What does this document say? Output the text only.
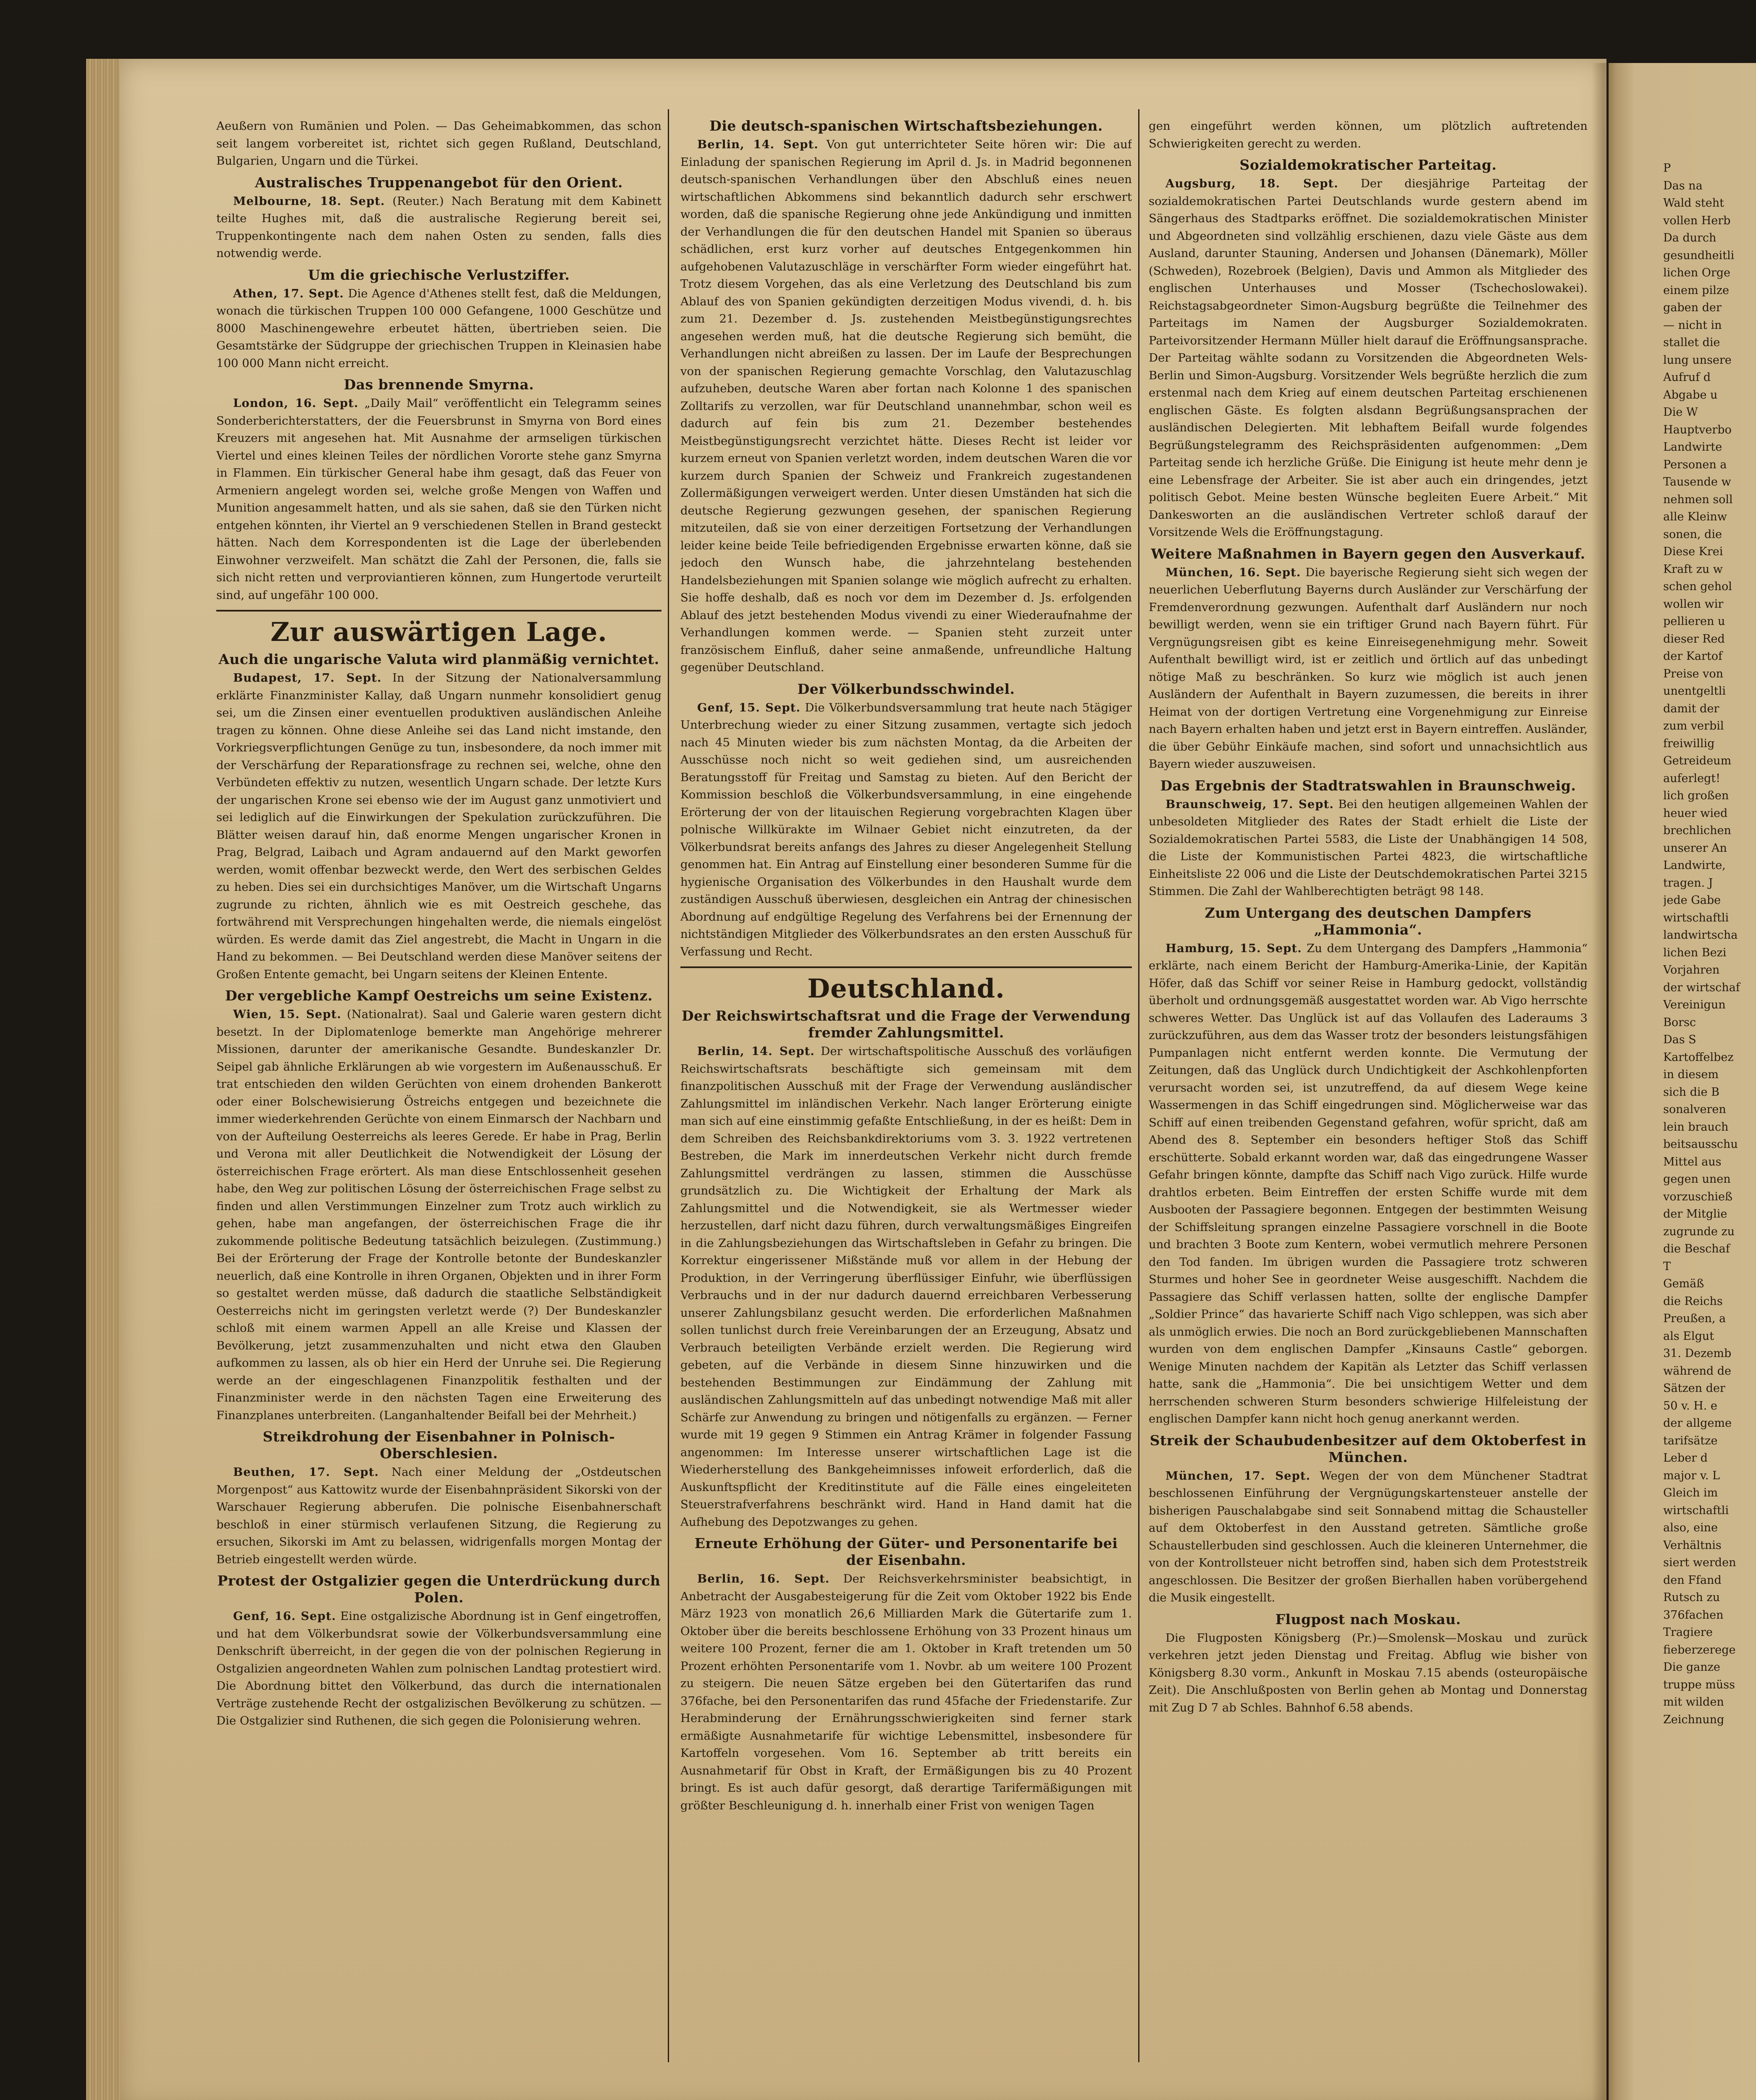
Aeußern von Rumänien und Polen. — Das Geheimabkommen, das schon seit langem vorbereitet ist, richtet sich gegen Rußland, Deutschland, Bulgarien, Ungarn und die Türkei.

Australisches Truppenangebot für den Orient.

Melbourne, 18. Sept. (Reuter.) Nach Beratung mit dem Kabinett teilte Hughes mit, daß die australische Regierung bereit sei, Truppenkontingente nach dem nahen Osten zu senden, falls dies notwendig werde.

Um die griechische Verlustziffer.

Athen, 17. Sept. Die Agence d'Athenes stellt fest, daß die Meldungen, wonach die türkischen Truppen 100 000 Gefangene, 1000 Geschütze und 8000 Maschinengewehre erbeutet hätten, übertrieben seien. Die Gesamtstärke der Südgruppe der griechischen Truppen in Kleinasien habe 100 000 Mann nicht erreicht.

Das brennende Smyrna.

London, 16. Sept. „Daily Mail“ veröffentlicht ein Telegramm seines Sonderberichterstatters, der die Feuersbrunst in Smyrna von Bord eines Kreuzers mit angesehen hat. Mit Ausnahme der armseligen türkischen Viertel und eines kleinen Teiles der nördlichen Vororte stehe ganz Smyrna in Flammen. Ein türkischer General habe ihm gesagt, daß das Feuer von Armeniern angelegt worden sei, welche große Mengen von Waffen und Munition angesammelt hatten, und als sie sahen, daß sie den Türken nicht entgehen könnten, ihr Viertel an 9 verschiedenen Stellen in Brand gesteckt hätten. Nach dem Korrespondenten ist die Lage der überlebenden Einwohner verzweifelt. Man schätzt die Zahl der Personen, die, falls sie sich nicht retten und verproviantieren können, zum Hungertode verurteilt sind, auf ungefähr 100 000.

Zur auswärtigen Lage.
Auch die ungarische Valuta wird planmäßig vernichtet.

Budapest, 17. Sept. In der Sitzung der Nationalversammlung erklärte Finanzminister Kallay, daß Ungarn nunmehr konsolidiert genug sei, um die Zinsen einer eventuellen produktiven ausländischen Anleihe tragen zu können. Ohne diese Anleihe sei das Land nicht imstande, den Vorkriegsverpflichtungen Genüge zu tun, insbesondere, da noch immer mit der Verschärfung der Reparationsfrage zu rechnen sei, welche, ohne den Verbündeten effektiv zu nutzen, wesentlich Ungarn schade. Der letzte Kurs der ungarischen Krone sei ebenso wie der im August ganz unmotiviert und sei lediglich auf die Einwirkungen der Spekulation zurückzuführen. Die Blätter weisen darauf hin, daß enorme Mengen ungarischer Kronen in Prag, Belgrad, Laibach und Agram andauernd auf den Markt geworfen werden, womit offenbar bezweckt werde, den Wert des serbischen Geldes zu heben. Dies sei ein durchsichtiges Manöver, um die Wirtschaft Ungarns zugrunde zu richten, ähnlich wie es mit Oestreich geschehe, das fortwährend mit Versprechungen hingehalten werde, die niemals eingelöst würden. Es werde damit das Ziel angestrebt, die Macht in Ungarn in die Hand zu bekommen. — Bei Deutschland werden diese Manöver seitens der Großen Entente gemacht, bei Ungarn seitens der Kleinen Entente.

Der vergebliche Kampf Oestreichs um seine Existenz.

Wien, 15. Sept. (Nationalrat). Saal und Galerie waren gestern dicht besetzt. In der Diplomatenloge bemerkte man Angehörige mehrerer Missionen, darunter der amerikanische Gesandte. Bundeskanzler Dr. Seipel gab ähnliche Erklärungen ab wie vorgestern im Außenausschuß. Er trat entschieden den wilden Gerüchten von einem drohenden Bankerott oder einer Bolschewisierung Östreichs entgegen und bezeichnete die immer wiederkehrenden Gerüchte von einem Einmarsch der Nachbarn und von der Aufteilung Oesterreichs als leeres Gerede. Er habe in Prag, Berlin und Verona mit aller Deutlichkeit die Notwendigkeit der Lösung der österreichischen Frage erörtert. Als man diese Entschlossenheit gesehen habe, den Weg zur politischen Lösung der österreichischen Frage selbst zu finden und allen Verstimmungen Einzelner zum Trotz auch wirklich zu gehen, habe man angefangen, der österreichischen Frage die ihr zukommende politische Bedeutung tatsächlich beizulegen. (Zustimmung.) Bei der Erörterung der Frage der Kontrolle betonte der Bundeskanzler neuerlich, daß eine Kontrolle in ihren Organen, Objekten und in ihrer Form so gestaltet werden müsse, daß dadurch die staatliche Selbständigkeit Oesterreichs nicht im geringsten verletzt werde (?) Der Bundeskanzler schloß mit einem warmen Appell an alle Kreise und Klassen der Bevölkerung, jetzt zusammenzuhalten und nicht etwa den Glauben aufkommen zu lassen, als ob hier ein Herd der Unruhe sei. Die Regierung werde an der eingeschlagenen Finanzpolitik festhalten und der Finanzminister werde in den nächsten Tagen eine Erweiterung des Finanzplanes unterbreiten. (Langanhaltender Beifall bei der Mehrheit.)

Streikdrohung der Eisenbahner in Polnisch-Oberschlesien.

Beuthen, 17. Sept. Nach einer Meldung der „Ostdeutschen Morgenpost“ aus Kattowitz wurde der Eisenbahnpräsident Sikorski von der Warschauer Regierung abberufen. Die polnische Eisenbahnerschaft beschloß in einer stürmisch verlaufenen Sitzung, die Regierung zu ersuchen, Sikorski im Amt zu belassen, widrigenfalls morgen Montag der Betrieb eingestellt werden würde.

Protest der Ostgalizier gegen die Unterdrückung durch Polen.

Genf, 16. Sept. Eine ostgalizische Abordnung ist in Genf eingetroffen, und hat dem Völkerbundsrat sowie der Völkerbundsversammlung eine Denkschrift überreicht, in der gegen die von der polnischen Regierung in Ostgalizien angeordneten Wahlen zum polnischen Landtag protestiert wird. Die Abordnung bittet den Völkerbund, das durch die internationalen Verträge zustehende Recht der ostgalizischen Bevölkerung zu schützen. — Die Ostgalizier sind Ruthenen, die sich gegen die Polonisierung wehren.

Die deutsch-spanischen Wirtschaftsbeziehungen.

Berlin, 14. Sept. Von gut unterrichteter Seite hören wir: Die auf Einladung der spanischen Regierung im April d. Js. in Madrid begonnenen deutsch-spanischen Verhandlungen über den Abschluß eines neuen wirtschaftlichen Abkommens sind bekanntlich dadurch sehr erschwert worden, daß die spanische Regierung ohne jede Ankündigung und inmitten der Verhandlungen die für den deutschen Handel mit Spanien so überaus schädlichen, erst kurz vorher auf deutsches Entgegenkommen hin aufgehobenen Valutazuschläge in verschärfter Form wieder eingeführt hat. Trotz diesem Vorgehen, das als eine Verletzung des Deutschland bis zum Ablauf des von Spanien gekündigten derzeitigen Modus vivendi, d. h. bis zum 21. Dezember d. Js. zustehenden Meistbegünstigungsrechtes angesehen werden muß, hat die deutsche Regierung sich bemüht, die Verhandlungen nicht abreißen zu lassen. Der im Laufe der Besprechungen von der spanischen Regierung gemachte Vorschlag, den Valutazuschlag aufzuheben, deutsche Waren aber fortan nach Kolonne 1 des spanischen Zolltarifs zu verzollen, war für Deutschland unannehmbar, schon weil es dadurch auf fein bis zum 21. Dezember bestehendes Meistbegünstigungsrecht verzichtet hätte. Dieses Recht ist leider vor kurzem erneut von Spanien verletzt worden, indem deutschen Waren die vor kurzem durch Spanien der Schweiz und Frankreich zugestandenen Zollermäßigungen verweigert werden. Unter diesen Umständen hat sich die deutsche Regierung gezwungen gesehen, der spanischen Regierung mitzuteilen, daß sie von einer derzeitigen Fortsetzung der Verhandlungen leider keine beide Teile befriedigenden Ergebnisse erwarten könne, daß sie jedoch den Wunsch habe, die jahrzehntelang bestehenden Handelsbeziehungen mit Spanien solange wie möglich aufrecht zu erhalten. Sie hoffe deshalb, daß es noch vor dem im Dezember d. Js. erfolgenden Ablauf des jetzt bestehenden Modus vivendi zu einer Wiederaufnahme der Verhandlungen kommen werde. — Spanien steht zurzeit unter französischem Einfluß, daher seine anmaßende, unfreundliche Haltung gegenüber Deutschland.

Der Völkerbundsschwindel.

Genf, 15. Sept. Die Völkerbundsversammlung trat heute nach 5tägiger Unterbrechung wieder zu einer Sitzung zusammen, vertagte sich jedoch nach 45 Minuten wieder bis zum nächsten Montag, da die Arbeiten der Ausschüsse noch nicht so weit gediehen sind, um ausreichenden Beratungsstoff für Freitag und Samstag zu bieten. Auf den Bericht der Kommission beschloß die Völkerbundsversammlung, in eine eingehende Erörterung der von der litauischen Regierung vorgebrachten Klagen über polnische Willkürakte im Wilnaer Gebiet nicht einzutreten, da der Völkerbundsrat bereits anfangs des Jahres zu dieser Angelegenheit Stellung genommen hat. Ein Antrag auf Einstellung einer besonderen Summe für die hygienische Organisation des Völkerbundes in den Haushalt wurde dem zuständigen Ausschuß überwiesen, desgleichen ein Antrag der chinesischen Abordnung auf endgültige Regelung des Verfahrens bei der Ernennung der nichtständigen Mitglieder des Völkerbundsrates an den ersten Ausschuß für Verfassung und Recht.

Deutschland.
Der Reichswirtschaftsrat und die Frage der Verwendung fremder Zahlungsmittel.

Berlin, 14. Sept. Der wirtschaftspolitische Ausschuß des vorläufigen Reichswirtschaftsrats beschäftigte sich gemeinsam mit dem finanzpolitischen Ausschuß mit der Frage der Verwendung ausländischer Zahlungsmittel im inländischen Verkehr. Nach langer Erörterung einigte man sich auf eine einstimmig gefaßte Entschließung, in der es heißt: Dem in dem Schreiben des Reichsbankdirektoriums vom 3. 3. 1922 vertretenen Bestreben, die Mark im innerdeutschen Verkehr nicht durch fremde Zahlungsmittel verdrängen zu lassen, stimmen die Ausschüsse grundsätzlich zu. Die Wichtigkeit der Erhaltung der Mark als Zahlungsmittel und die Notwendigkeit, sie als Wertmesser wieder herzustellen, darf nicht dazu führen, durch verwaltungsmäßiges Eingreifen in die Zahlungsbeziehungen das Wirtschaftsleben in Gefahr zu bringen. Die Korrektur eingerissener Mißstände muß vor allem in der Hebung der Produktion, in der Verringerung überflüssiger Einfuhr, wie überflüssigen Verbrauchs und in der nur dadurch dauernd erreichbaren Verbesserung unserer Zahlungsbilanz gesucht werden. Die erforderlichen Maßnahmen sollen tunlichst durch freie Vereinbarungen der an Erzeugung, Absatz und Verbrauch beteiligten Verbände erzielt werden. Die Regierung wird gebeten, auf die Verbände in diesem Sinne hinzuwirken und die bestehenden Bestimmungen zur Eindämmung der Zahlung mit ausländischen Zahlungsmitteln auf das unbedingt notwendige Maß mit aller Schärfe zur Anwendung zu bringen und nötigenfalls zu ergänzen. — Ferner wurde mit 19 gegen 9 Stimmen ein Antrag Krämer in folgender Fassung angenommen: Im Interesse unserer wirtschaftlichen Lage ist die Wiederherstellung des Bankgeheimnisses infoweit erforderlich, daß die Auskunftspflicht der Kreditinstitute auf die Fälle eines eingeleiteten Steuerstrafverfahrens beschränkt wird. Hand in Hand damit hat die Aufhebung des Depotzwanges zu gehen.

Erneute Erhöhung der Güter- und Personentarife bei der Eisenbahn.

Berlin, 16. Sept. Der Reichsverkehrsminister beabsichtigt, in Anbetracht der Ausgabesteigerung für die Zeit vom Oktober 1922 bis Ende März 1923 von monatlich 26,6 Milliarden Mark die Gütertarife zum 1. Oktober über die bereits beschlossene Erhöhung von 33 Prozent hinaus um weitere 100 Prozent, ferner die am 1. Oktober in Kraft tretenden um 50 Prozent erhöhten Personentarife vom 1. Novbr. ab um weitere 100 Prozent zu steigern. Die neuen Sätze ergeben bei den Gütertarifen das rund 376fache, bei den Personentarifen das rund 45fache der Friedenstarife. Zur Herabminderung der Ernährungsschwierigkeiten sind ferner stark ermäßigte Ausnahmetarife für wichtige Lebensmittel, insbesondere für Kartoffeln vorgesehen. Vom 16. September ab tritt bereits ein Ausnahmetarif für Obst in Kraft, der Ermäßigungen bis zu 40 Prozent bringt. Es ist auch dafür gesorgt, daß derartige Tarifermäßigungen mit größter Beschleunigung d. h. innerhalb einer Frist von wenigen Tagen

gen eingeführt werden können, um plötzlich auftretenden Schwierigkeiten gerecht zu werden.

Sozialdemokratischer Parteitag.

Augsburg, 18. Sept. Der diesjährige Parteitag der sozialdemokratischen Partei Deutschlands wurde gestern abend im Sängerhaus des Stadtparks eröffnet. Die sozialdemokratischen Minister und Abgeordneten sind vollzählig erschienen, dazu viele Gäste aus dem Ausland, darunter Stauning, Andersen und Johansen (Dänemark), Möller (Schweden), Rozebroek (Belgien), Davis und Ammon als Mitglieder des englischen Unterhauses und Mosser (Tschechoslowakei). Reichstagsabgeordneter Simon-Augsburg begrüßte die Teilnehmer des Parteitags im Namen der Augsburger Sozialdemokraten. Parteivorsitzender Hermann Müller hielt darauf die Eröffnungsansprache. Der Parteitag wählte sodann zu Vorsitzenden die Abgeordneten Wels-Berlin und Simon-Augsburg. Vorsitzender Wels begrüßte herzlich die zum erstenmal nach dem Krieg auf einem deutschen Parteitag erschienenen englischen Gäste. Es folgten alsdann Begrüßungsansprachen der ausländischen Delegierten. Mit lebhaftem Beifall wurde folgendes Begrüßungstelegramm des Reichspräsidenten aufgenommen: „Dem Parteitag sende ich herzliche Grüße. Die Einigung ist heute mehr denn je eine Lebensfrage der Arbeiter. Sie ist aber auch ein dringendes, jetzt politisch Gebot. Meine besten Wünsche begleiten Euere Arbeit.“ Mit Dankesworten an die ausländischen Vertreter schloß darauf der Vorsitzende Wels die Eröffnungstagung.

Weitere Maßnahmen in Bayern gegen den Ausverkauf.

München, 16. Sept. Die bayerische Regierung sieht sich wegen der neuerlichen Ueberflutung Bayerns durch Ausländer zur Verschärfung der Fremdenverordnung gezwungen. Aufenthalt darf Ausländern nur noch bewilligt werden, wenn sie ein triftiger Grund nach Bayern führt. Für Vergnügungsreisen gibt es keine Einreisegenehmigung mehr. Soweit Aufenthalt bewilligt wird, ist er zeitlich und örtlich auf das unbedingt nötige Maß zu beschränken. So kurz wie möglich ist auch jenen Ausländern der Aufenthalt in Bayern zuzumessen, die bereits in ihrer Heimat von der dortigen Vertretung eine Vorgenehmigung zur Einreise nach Bayern erhalten haben und jetzt erst in Bayern eintreffen. Ausländer, die über Gebühr Einkäufe machen, sind sofort und unnachsichtlich aus Bayern wieder auszuweisen.

Das Ergebnis der Stadtratswahlen in Braunschweig.

Braunschweig, 17. Sept. Bei den heutigen allgemeinen Wahlen der unbesoldeten Mitglieder des Rates der Stadt erhielt die Liste der Sozialdemokratischen Partei 5583, die Liste der Unabhängigen 14 508, die Liste der Kommunistischen Partei 4823, die wirtschaftliche Einheitsliste 22 006 und die Liste der Deutschdemokratischen Partei 3215 Stimmen. Die Zahl der Wahlberechtigten beträgt 98 148.

Zum Untergang des deutschen Dampfers „Hammonia“.

Hamburg, 15. Sept. Zu dem Untergang des Dampfers „Hammonia“ erklärte, nach einem Bericht der Hamburg-Amerika-Linie, der Kapitän Höfer, daß das Schiff vor seiner Reise in Hamburg gedockt, vollständig überholt und ordnungsgemäß ausgestattet worden war. Ab Vigo herrschte schweres Wetter. Das Unglück ist auf das Vollaufen des Laderaums 3 zurückzuführen, aus dem das Wasser trotz der besonders leistungsfähigen Pumpanlagen nicht entfernt werden konnte. Die Vermutung der Zeitungen, daß das Unglück durch Undichtigkeit der Aschkohlenpforten verursacht worden sei, ist unzutreffend, da auf diesem Wege keine Wassermengen in das Schiff eingedrungen sind. Möglicherweise war das Schiff auf einen treibenden Gegenstand gefahren, wofür spricht, daß am Abend des 8. September ein besonders heftiger Stoß das Schiff erschütterte. Sobald erkannt worden war, daß das eingedrungene Wasser Gefahr bringen könnte, dampfte das Schiff nach Vigo zurück. Hilfe wurde drahtlos erbeten. Beim Eintreffen der ersten Schiffe wurde mit dem Ausbooten der Passagiere begonnen. Entgegen der bestimmten Weisung der Schiffsleitung sprangen einzelne Passagiere vorschnell in die Boote und brachten 3 Boote zum Kentern, wobei vermutlich mehrere Personen den Tod fanden. Im übrigen wurden die Passagiere trotz schweren Sturmes und hoher See in geordneter Weise ausgeschifft. Nachdem die Passagiere das Schiff verlassen hatten, sollte der englische Dampfer „Soldier Prince“ das havarierte Schiff nach Vigo schleppen, was sich aber als unmöglich erwies. Die noch an Bord zurückgebliebenen Mannschaften wurden von dem englischen Dampfer „Kinsauns Castle“ geborgen. Wenige Minuten nachdem der Kapitän als Letzter das Schiff verlassen hatte, sank die „Hammonia“. Die bei unsichtigem Wetter und dem herrschenden schweren Sturm besonders schwierige Hilfeleistung der englischen Dampfer kann nicht hoch genug anerkannt werden.

Streik der Schaubudenbesitzer auf dem Oktoberfest in München.

München, 17. Sept. Wegen der von dem Münchener Stadtrat beschlossenen Einführung der Vergnügungskartensteuer anstelle der bisherigen Pauschalabgabe sind seit Sonnabend mittag die Schausteller auf dem Oktoberfest in den Ausstand getreten. Sämtliche große Schaustellerbuden sind geschlossen. Auch die kleineren Unternehmer, die von der Kontrollsteuer nicht betroffen sind, haben sich dem Proteststreik angeschlossen. Die Besitzer der großen Bierhallen haben vorübergehend die Musik eingestellt.

Flugpost nach Moskau.

Die Flugposten Königsberg (Pr.)—Smolensk—Moskau und zurück verkehren jetzt jeden Dienstag und Freitag. Abflug wie bisher von Königsberg 8.30 vorm., Ankunft in Moskau 7.15 abends (osteuropäische Zeit). Die Anschlußposten von Berlin gehen ab Montag und Donnerstag mit Zug D 7 ab Schles. Bahnhof 6.58 abends.

P
Das na
Wald steht
vollen Herb
Da durch
gesundheitli
lichen Orge
einem pilze
gaben der
— nicht in
stallet die
lung unsere
Aufruf d
Abgabe u
Die W
Hauptverbo
Landwirte
Personen a
Tausende w
nehmen soll
alle Kleinw
sonen, die
Diese Krei
Kraft zu w
schen gehol
wollen wir
pellieren u
dieser Red
der Kartof
Preise von
unentgeltli
damit der
zum verbil
freiwillig
Getreideum
auferlegt!
lich großen
heuer wied
brechlichen
unserer An
Landwirte,
tragen. J
jede Gabe
wirtschaftli
landwirtscha
lichen Bezi
Vorjahren
der wirtschaf
Vereinigun
Borsc
Das S
Kartoffelbez
in diesem
sich die B
sonalveren
lein brauch
beitsausschu
Mittel aus
gegen unen
vorzuschieß
der Mitglie
zugrunde zu
die Beschaf
T
Gemäß
die Reichs
Preußen, a
als Elgut
31. Dezemb
während de
Sätzen der
50 v. H. e
der allgeme
tarifsätze
Leber d
major v. L
Gleich im
wirtschaftli
also, eine
Verhältnis
siert werden
den Ffand
Rutsch zu
376fachen
Tragiere
fieberzerege
Die ganze
truppe müss
mit wilden
Zeichnung
